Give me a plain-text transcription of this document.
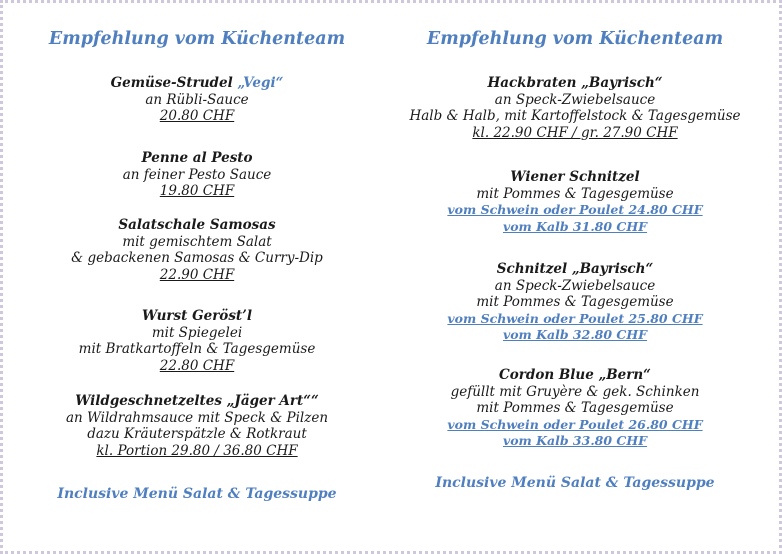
Empfehlung vom Küchenteam
Gemüse-Strudel „Vegi“
an Rübli-Sauce
20.80 CHF
Penne al Pesto
an feiner Pesto Sauce
19.80 CHF
Salatschale Samosas
mit gemischtem Salat
& gebackenen Samosas & Curry-Dip
22.90 CHF
Wurst Geröst’l
mit Spiegelei
mit Bratkartoffeln & Tagesgemüse
22.80 CHF
Wildgeschnetzeltes „Jäger Art““
an Wildrahmsauce mit Speck & Pilzen
dazu Kräuterspätzle & Rotkraut
kl. Portion 29.80 / 36.80 CHF
Inclusive Menü Salat & Tagessuppe
Empfehlung vom Küchenteam
Hackbraten „Bayrisch“
an Speck-Zwiebelsauce
Halb & Halb, mit Kartoffelstock & Tagesgemüse
kl. 22.90 CHF / gr. 27.90 CHF
Wiener Schnitzel
mit Pommes & Tagesgemüse
vom Schwein oder Poulet 24.80 CHF
vom Kalb 31.80 CHF
Schnitzel „Bayrisch“
an Speck-Zwiebelsauce
mit Pommes & Tagesgemüse
vom Schwein oder Poulet 25.80 CHF
vom Kalb 32.80 CHF
Cordon Blue „Bern“
gefüllt mit Gruyère & gek. Schinken
mit Pommes & Tagesgemüse
vom Schwein oder Poulet 26.80 CHF
vom Kalb 33.80 CHF
Inclusive Menü Salat & Tagessuppe
